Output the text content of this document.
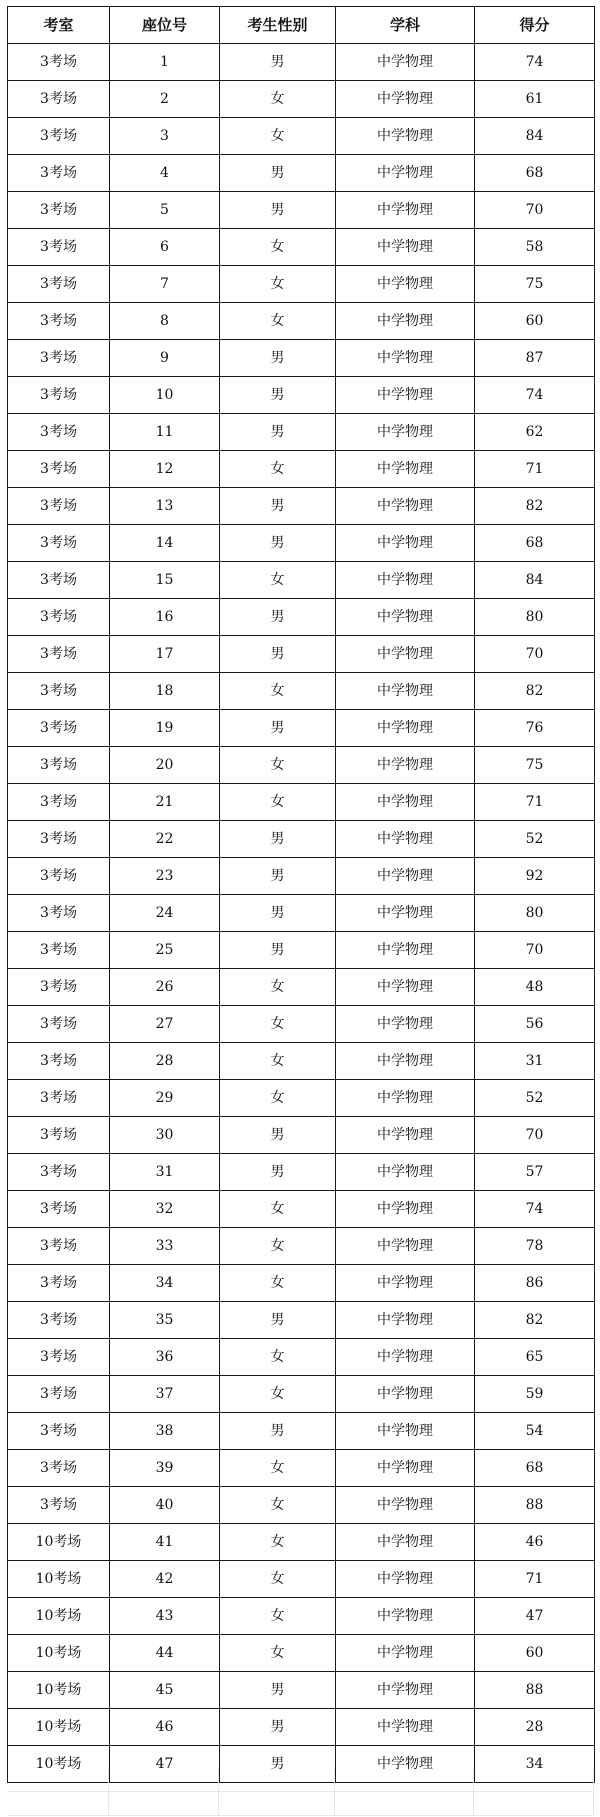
考室	座位号	考生性别	学科	得分
3考场	1	男	中学物理	74
3考场	2	女	中学物理	61
3考场	3	女	中学物理	84
3考场	4	男	中学物理	68
3考场	5	男	中学物理	70
3考场	6	女	中学物理	58
3考场	7	女	中学物理	75
3考场	8	女	中学物理	60
3考场	9	男	中学物理	87
3考场	10	男	中学物理	74
3考场	11	男	中学物理	62
3考场	12	女	中学物理	71
3考场	13	男	中学物理	82
3考场	14	男	中学物理	68
3考场	15	女	中学物理	84
3考场	16	男	中学物理	80
3考场	17	男	中学物理	70
3考场	18	女	中学物理	82
3考场	19	男	中学物理	76
3考场	20	女	中学物理	75
3考场	21	女	中学物理	71
3考场	22	男	中学物理	52
3考场	23	男	中学物理	92
3考场	24	男	中学物理	80
3考场	25	男	中学物理	70
3考场	26	女	中学物理	48
3考场	27	女	中学物理	56
3考场	28	女	中学物理	31
3考场	29	女	中学物理	52
3考场	30	男	中学物理	70
3考场	31	男	中学物理	57
3考场	32	女	中学物理	74
3考场	33	女	中学物理	78
3考场	34	女	中学物理	86
3考场	35	男	中学物理	82
3考场	36	女	中学物理	65
3考场	37	女	中学物理	59
3考场	38	男	中学物理	54
3考场	39	女	中学物理	68
3考场	40	女	中学物理	88
10考场	41	女	中学物理	46
10考场	42	女	中学物理	71
10考场	43	女	中学物理	47
10考场	44	女	中学物理	60
10考场	45	男	中学物理	88
10考场	46	男	中学物理	28
10考场	47	男	中学物理	34
